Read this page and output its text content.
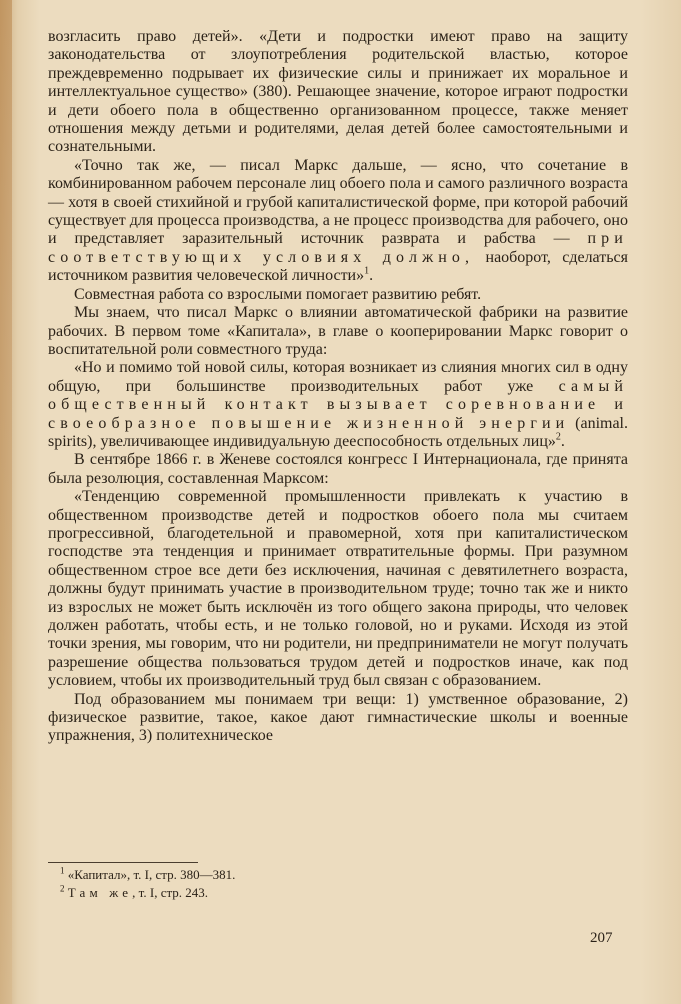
возгласить право детей». «Дети и подростки имеют право на защиту законодательства от злоупотребления родительской властью, которое преждевременно подрывает их физические силы и принижает их моральное и интеллектуальное существо» (380). Решающее значение, которое играют подростки и дети обоего пола в общественно организованном процессе, также меняет отношения между детьми и родителями, делая детей более самостоятельными и сознательными.

«Точно так же, — писал Маркс дальше, — ясно, что сочетание в комбинированном рабочем персонале лиц обоего пола и самого различного возраста — хотя в своей стихийной и грубой капиталистической форме, при которой рабочий существует для процесса производства, а не процесс производства для рабочего, оно и представляет заразительный источник разврата и рабства — при соответствующих условиях должно, наоборот, сделаться источником развития человеческой личности»$^1$.

Совместная работа со взрослыми помогает развитию ребят.

Мы знаем, что писал Маркс о влиянии автоматической фабрики на развитие рабочих. В первом томе «Капитала», в главе о кооперировании Маркс говорит о воспитательной роли совместного труда:

«Но и помимо той новой силы, которая возникает из слияния многих сил в одну общую, при большинстве производительных работ уже самый общественный контакт вызывает соревнование и своеобразное повышение жизненной энергии (animal. spirits), увеличивающее индивидуальную дееспособность отдельных лиц»$^2$.

В сентябре 1866 г. в Женеве состоялся конгресс I Интернационала, где принята была резолюция, составленная Марксом:

«Тенденцию современной промышленности привлекать к участию в общественном производстве детей и подростков обоего пола мы считаем прогрессивной, благодетельной и правомерной, хотя при капиталистическом господстве эта тенденция и принимает отвратительные формы. При разумном общественном строе все дети без исключения, начиная с девятилетнего возраста, должны будут принимать участие в производительном труде; точно так же и никто из взрослых не может быть исключён из того общего закона природы, что человек должен работать, чтобы есть, и не только головой, но и руками. Исходя из этой точки зрения, мы говорим, что ни родители, ни предприниматели не могут получать разрешение общества пользоваться трудом детей и подростков иначе, как под условием, чтобы их производительный труд был связан с образованием.

Под образованием мы понимаем три вещи: 1) умственное образование, 2) физическое развитие, такое, какое дают гимнастические школы и военные упражнения, 3) политехническое

$^1$ «Капитал», т. I, стр. 380—381.
$^2$ Там же, т. I, стр. 243.
207
